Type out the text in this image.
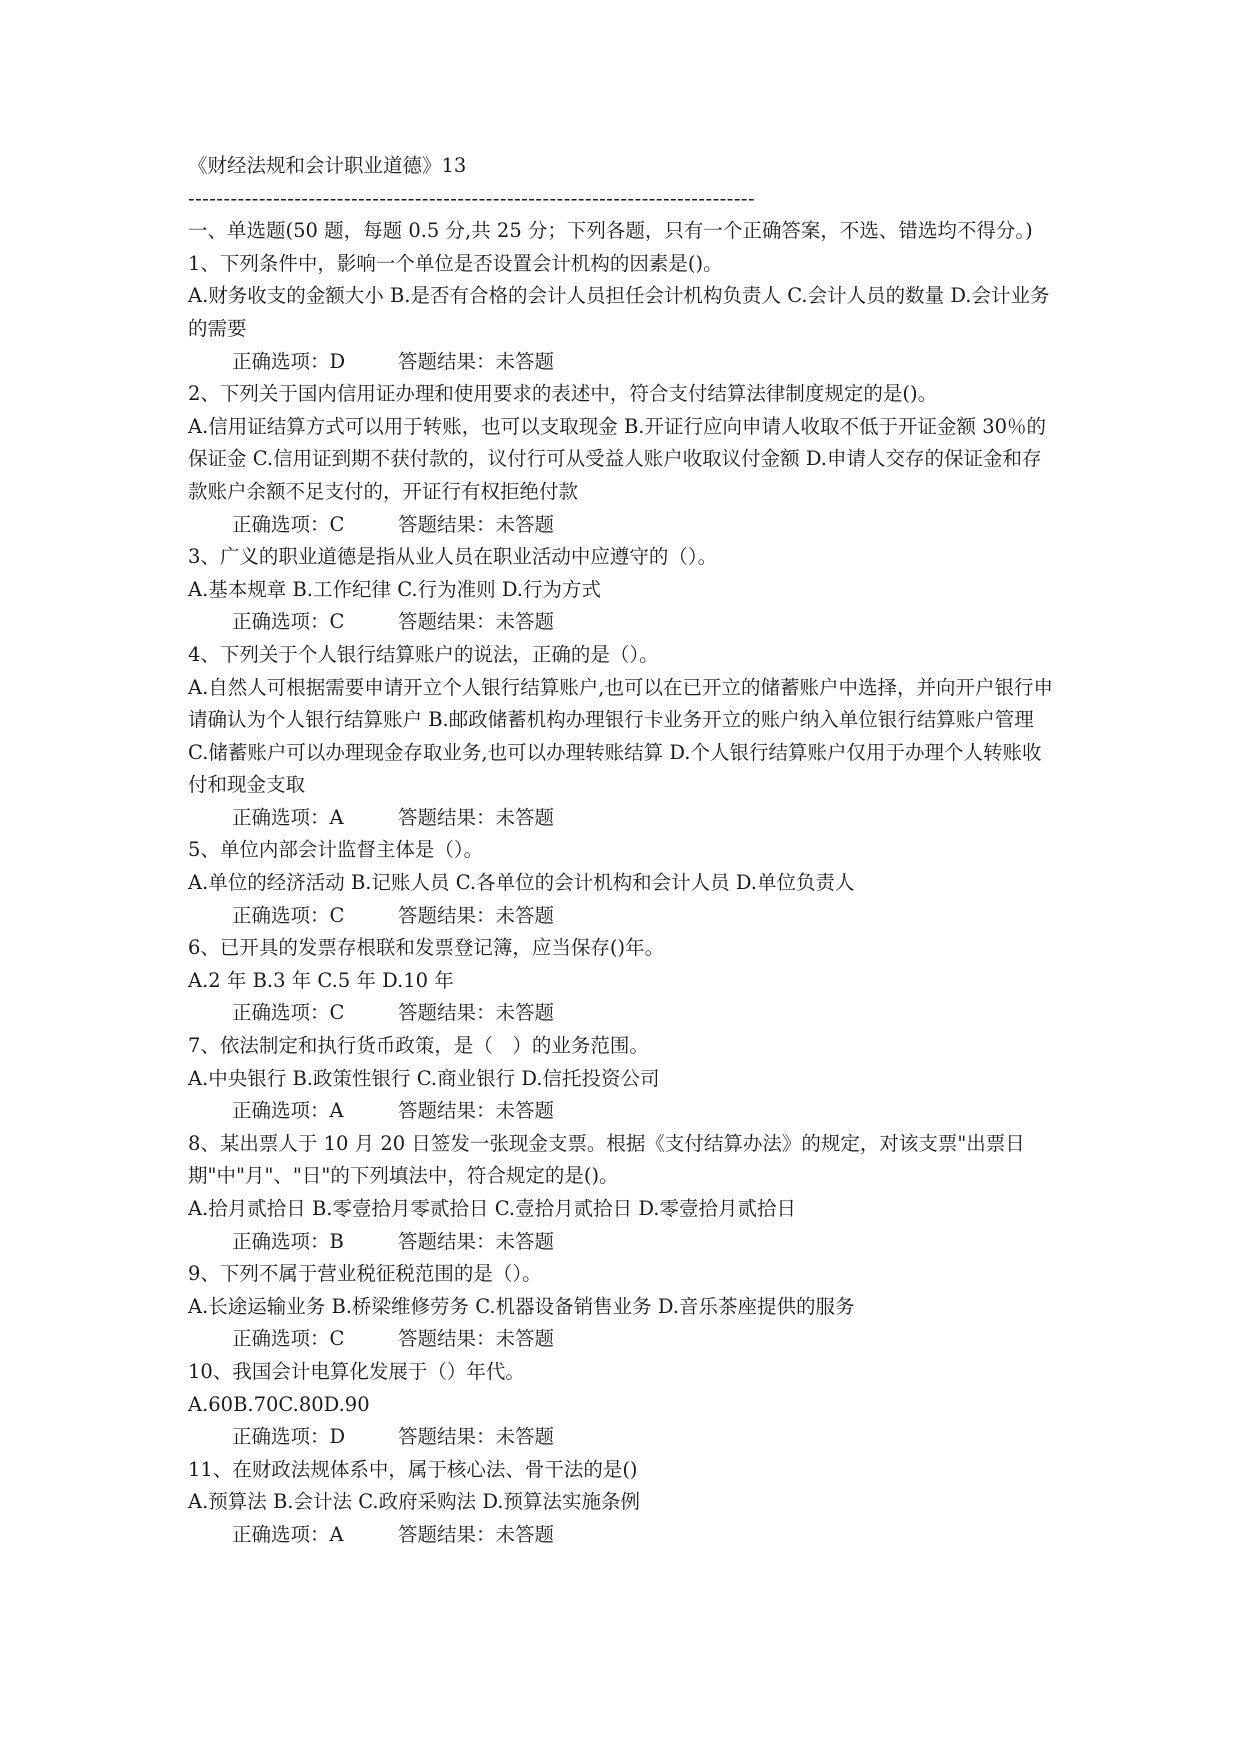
《财经法规和会计职业道德》13
--------------------------------------------------------------------------------
一、单选题(50 题，每题 0.5 分,共 25 分；下列各题，只有一个正确答案，不选、错选均不得分。)
1、下列条件中，影响一个单位是否设置会计机构的因素是()。
A.财务收支的金额大小 B.是否有合格的会计人员担任会计机构负责人 C.会计人员的数量 D.会计业务的需要
正确选项：D	答题结果：未答题
2、下列关于国内信用证办理和使用要求的表述中，符合支付结算法律制度规定的是()。
A.信用证结算方式可以用于转账，也可以支取现金 B.开证行应向申请人收取不低于开证金额 30％的保证金 C.信用证到期不获付款的，议付行可从受益人账户收取议付金额 D.申请人交存的保证金和存款账户余额不足支付的，开证行有权拒绝付款
正确选项：C	答题结果：未答题
3、广义的职业道德是指从业人员在职业活动中应遵守的（）。
A.基本规章 B.工作纪律 C.行为准则 D.行为方式
正确选项：C	答题结果：未答题
4、下列关于个人银行结算账户的说法，正确的是（）。
A.自然人可根据需要申请开立个人银行结算账户,也可以在已开立的储蓄账户中选择，并向开户银行申请确认为个人银行结算账户 B.邮政储蓄机构办理银行卡业务开立的账户纳入单位银行结算账户管理 C.储蓄账户可以办理现金存取业务,也可以办理转账结算 D.个人银行结算账户仅用于办理个人转账收付和现金支取
正确选项：A	答题结果：未答题
5、单位内部会计监督主体是（）。
A.单位的经济活动 B.记账人员 C.各单位的会计机构和会计人员 D.单位负责人
正确选项：C	答题结果：未答题
6、已开具的发票存根联和发票登记簿，应当保存()年。
A.2 年 B.3 年 C.5 年 D.10 年
正确选项：C	答题结果：未答题
7、依法制定和执行货币政策，是（　）的业务范围。
A.中央银行 B.政策性银行 C.商业银行 D.信托投资公司
正确选项：A	答题结果：未答题
8、某出票人于 10 月 20 日签发一张现金支票。根据《支付结算办法》的规定，对该支票"出票日期"中"月"、"日"的下列填法中，符合规定的是()。
A.拾月贰拾日 B.零壹拾月零贰拾日 C.壹拾月贰拾日 D.零壹拾月贰拾日
正确选项：B	答题结果：未答题
9、下列不属于营业税征税范围的是（）。
A.长途运输业务 B.桥梁维修劳务 C.机器设备销售业务 D.音乐茶座提供的服务
正确选项：C	答题结果：未答题
10、我国会计电算化发展于（）年代。
A.60B.70C.80D.90
正确选项：D	答题结果：未答题
11、在财政法规体系中，属于核心法、骨干法的是()
A.预算法 B.会计法 C.政府采购法 D.预算法实施条例
正确选项：A	答题结果：未答题
